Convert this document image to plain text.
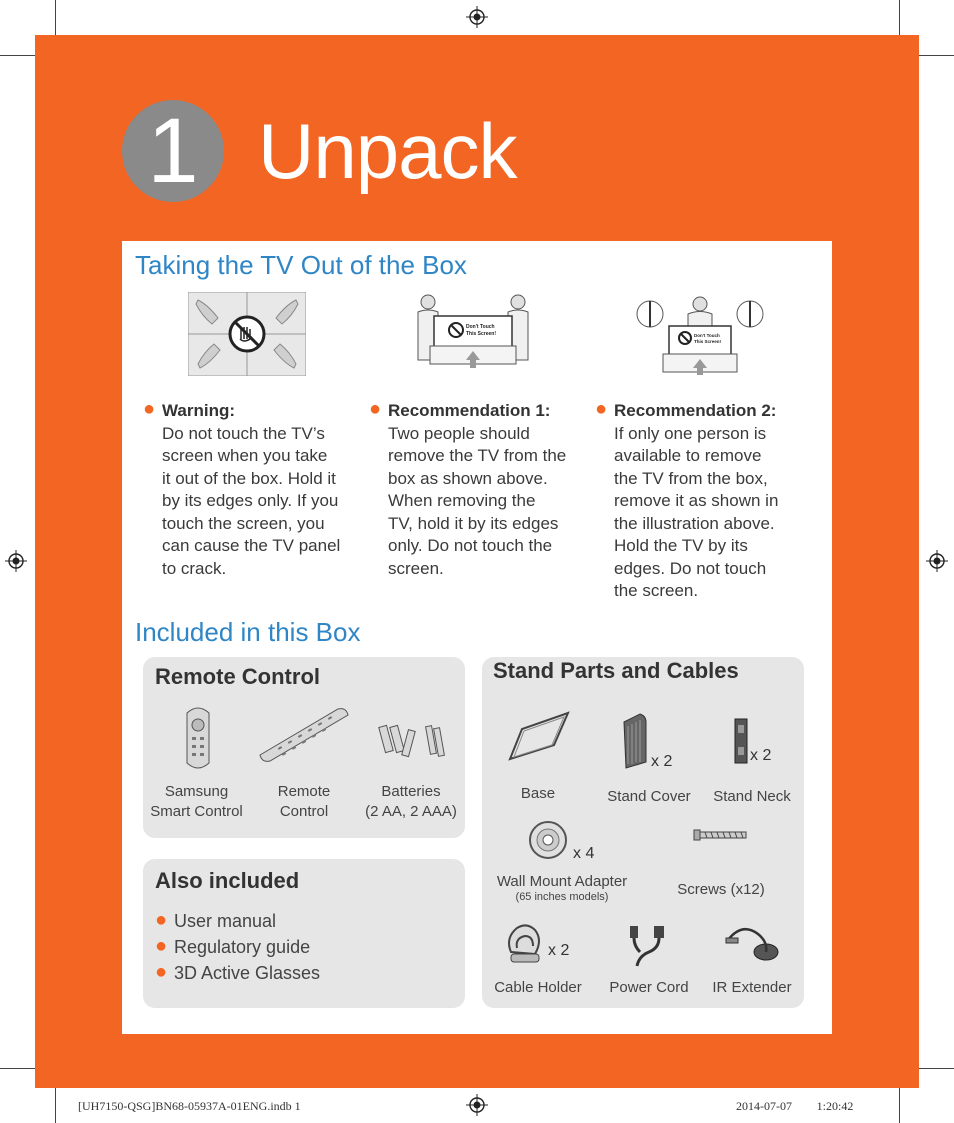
1 Unpack
Taking the TV Out of the Box
Don't Touch
This Screen!	Don't Touch
This Screen!
● Warning:
Do not touch the TV’s
screen when you take
it out of the box. Hold it
by its edges only. If you
touch the screen, you
can cause the TV panel
to crack.
● Recommendation 1:
Two people should
remove the TV from the
box as shown above.
When removing the
TV, hold it by its edges
only. Do not touch the
screen.
● Recommendation 2:
If only one person is
available to remove
the TV from the box,
remove it as shown in
the illustration above.
Hold the TV by its
edges. Do not touch
the screen.
Included in this Box
Remote Control
Samsung
Smart Control
Remote
Control
Batteries
(2 AA, 2 AAA)
Also included
● User manual
● Regulatory guide
● 3D Active Glasses
Stand Parts and Cables
x 2	x 2
Base	Stand Cover	Stand Neck
x 4
Wall Mount Adapter
(65 inches models)	Screws (x12)
x 2
Cable Holder	Power Cord	IR Extender
[UH7150-QSG]BN68-05937A-01ENG.indb 1	2014-07-07 ￿￿ 1:20:42
